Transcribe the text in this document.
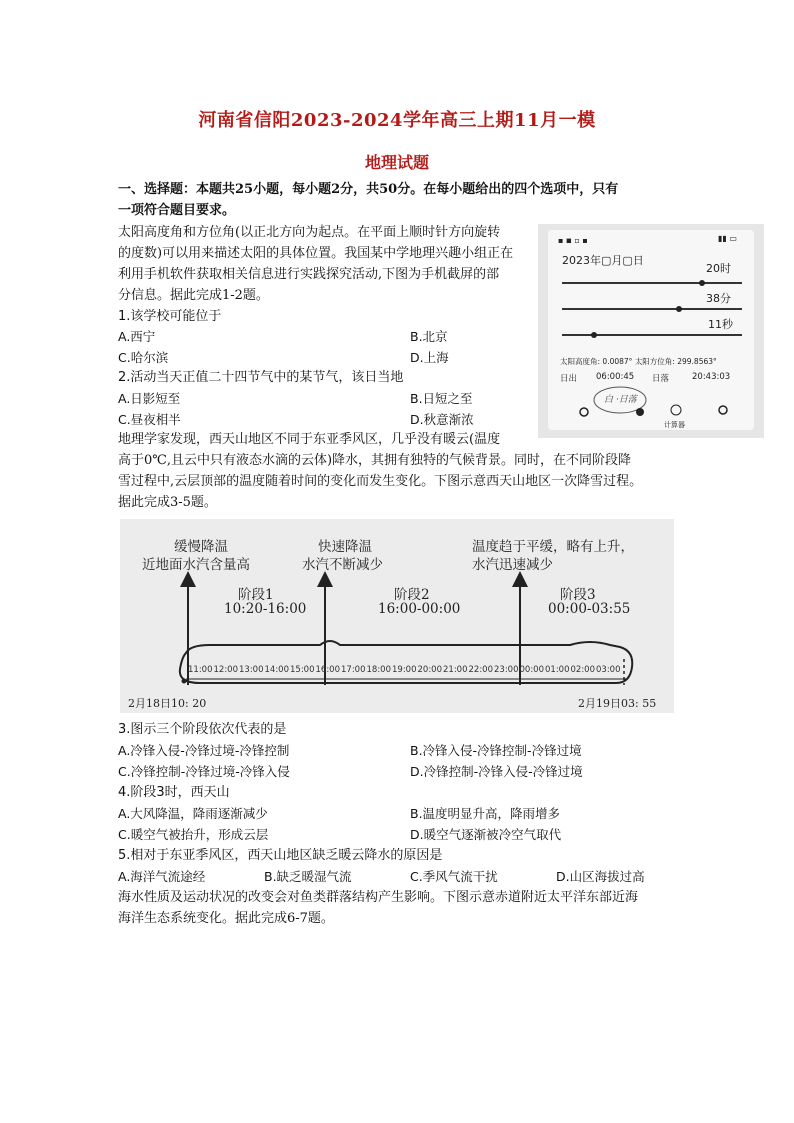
河南省信阳2023-2024学年高三上期11月一模
地理试题
一、选择题：本题共25小题，每小题2分，共50分。在每小题给出的四个选项中，只有
一项符合题目要求。
太阳高度角和方位角(以正北方向为起点。在平面上顺时针方向旋转
的度数)可以用来描述太阳的具体位置。我国某中学地理兴趣小组正在
利用手机软件获取相关信息进行实践探究活动,下图为手机截屏的部
分信息。据此完成1-2题。
▪︎ ◾ ▫︎ ▪︎	▮▮ ▭
2023年▢月▢日
20时
38分
11秒
太阳高度角: 0.0087° 太阳方位角: 299.8563°
日出 06:00:45 日落	20:43:03
白 ·日落
计算器
1.该学校可能位于
A.西宁	B.北京
C.哈尔滨	D.上海
2.活动当天正值二十四节气中的某节气，该日当地
A.日影短至	B.日短之至
C.昼夜相半	D.秋意渐浓
地理学家发现，西天山地区不同于东亚季风区，几乎没有暖云(温度
高于0℃,且云中只有液态水滴的云体)降水，其拥有独特的气候背景。同时，在不同阶段降
雪过程中,云层顶部的温度随着时间的变化而发生变化。下图示意西天山地区一次降雪过程。
据此完成3-5题。
缓慢降温
近地面水汽含量高
快速降温
水汽不断减少
温度趋于平缓，略有上升，
水汽迅速减少
阶段1
10:20-16:00
阶段2
16:00-00:00
阶段3
00:00-03:55
11:00 12:00 13:00 14:00 15:00 16:00 17:00 18:00 19:00 20:00 21:00 22:00 23:00 00:00 01:00 02:00 03:00
2月18日10: 20	2月19日03: 55
3.图示三个阶段依次代表的是
A.冷锋入侵-冷锋过境-冷锋控制	B.冷锋入侵-冷锋控制-冷锋过境
C.冷锋控制-冷锋过境-冷锋入侵	D.冷锋控制-冷锋入侵-冷锋过境
4.阶段3时，西天山
A.大风降温，降雨逐渐减少	B.温度明显升高，降雨增多
C.暖空气被抬升，形成云层	D.暖空气逐渐被冷空气取代
5.相对于东亚季风区，西天山地区缺乏暖云降水的原因是
A.海洋气流途经	B.缺乏暖湿气流	C.季风气流干扰	D.山区海拔过高
海水性质及运动状况的改变会对鱼类群落结构产生影响。下图示意赤道附近太平洋东部近海
海洋生态系统变化。据此完成6-7题。
